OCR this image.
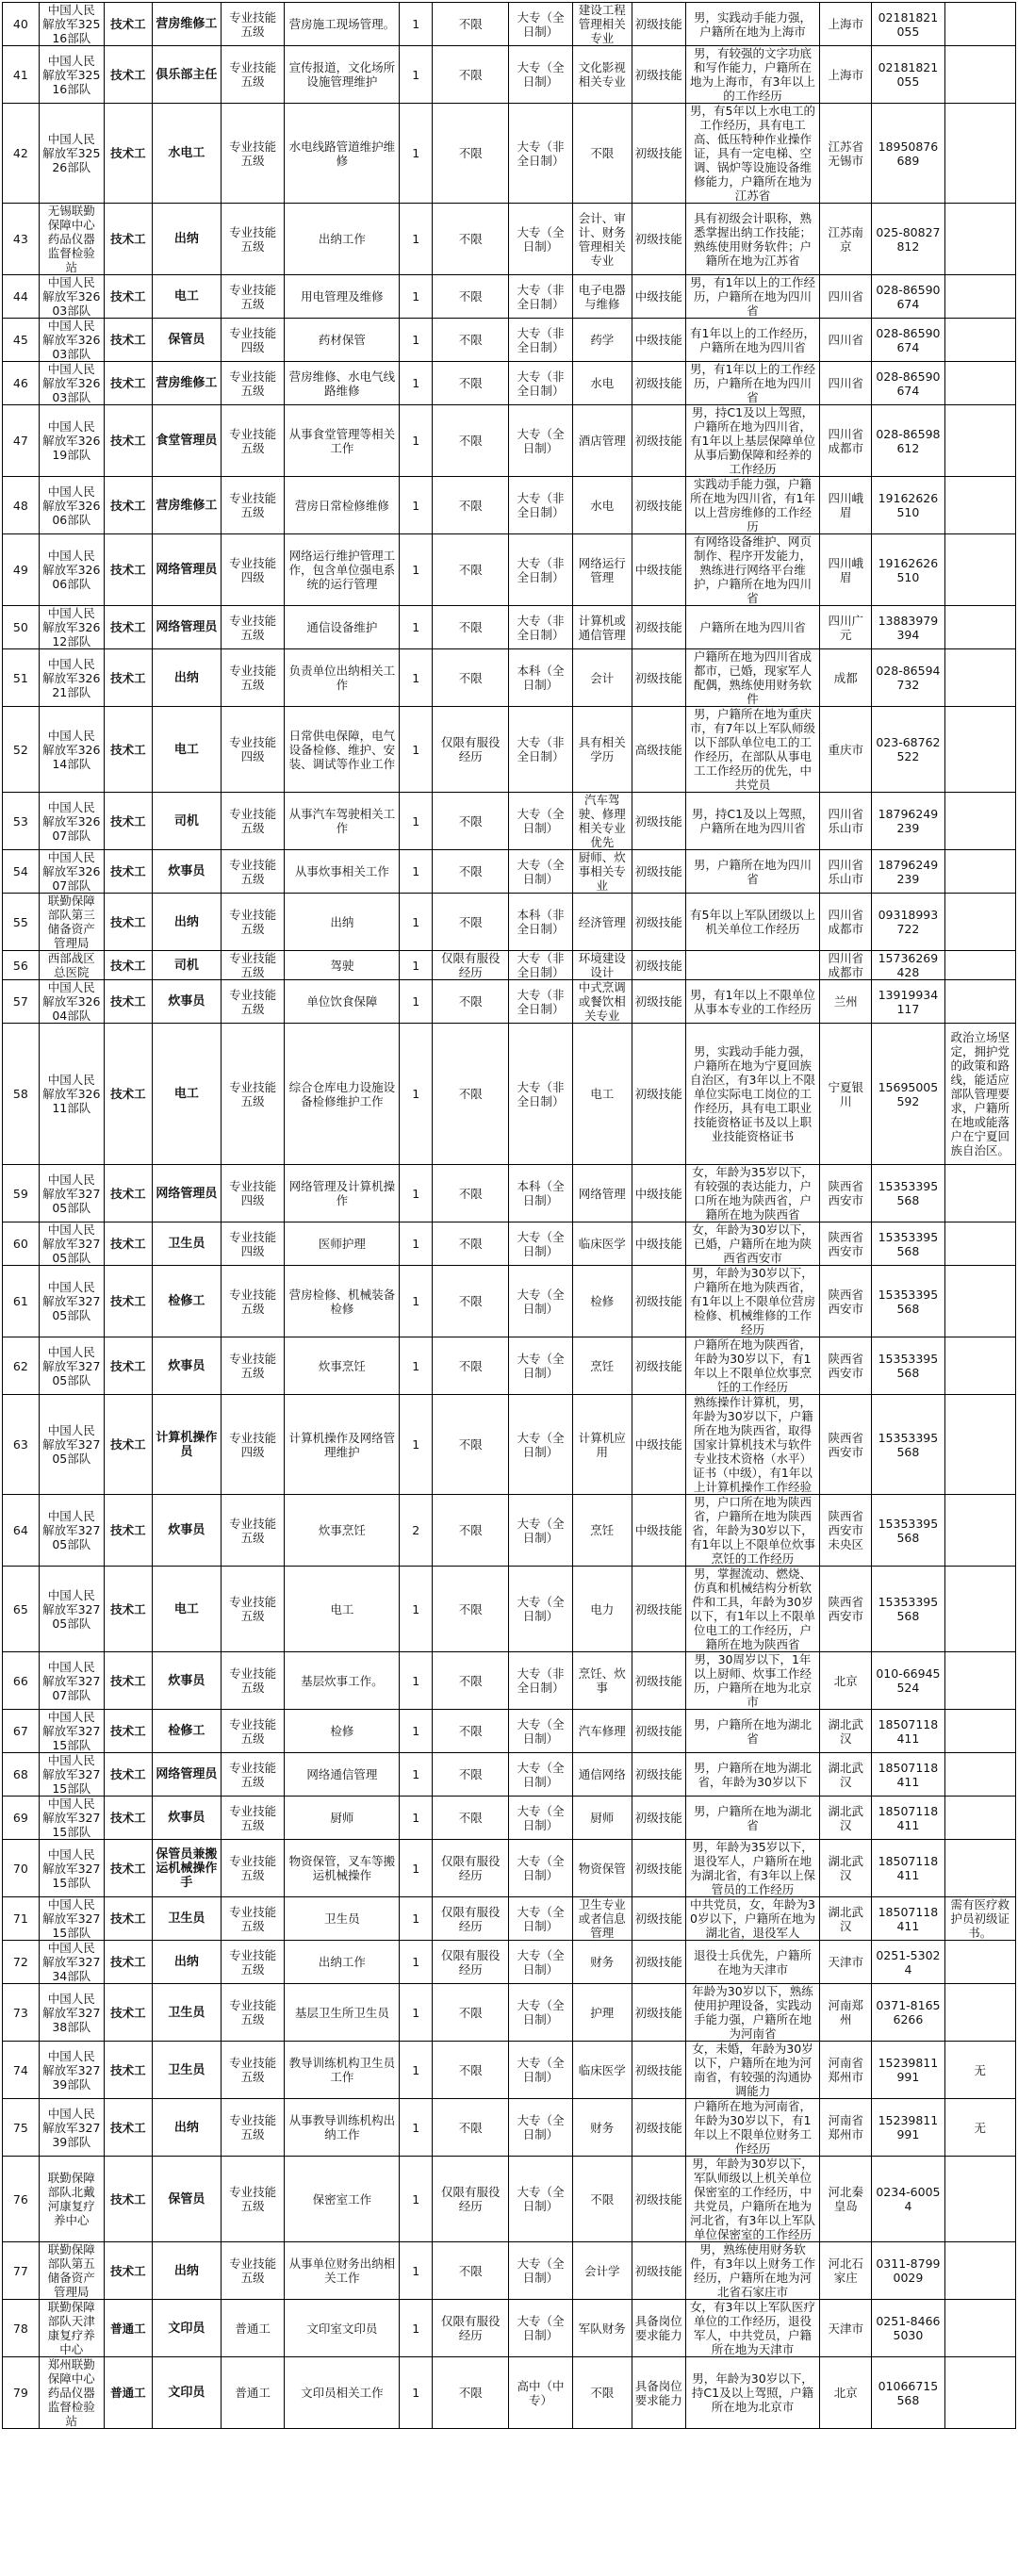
40	中国人民解放军32516部队	技术工	营房维修工	专业技能五级	营房施工现场管理。	1	不限	大专（全日制）	建设工程管理相关专业	初级技能	男，实践动手能力强，户籍所在地为上海市	上海市	02181821055	
41	中国人民解放军32516部队	技术工	俱乐部主任	专业技能五级	宣传报道，文化场所设施管理维护	1	不限	大专（全日制）	文化影视相关专业	初级技能	男，有较强的文字功底和写作能力，户籍所在地为上海市，有3年以上的工作经历	上海市	02181821055	
42	中国人民解放军32526部队	技术工	水电工	专业技能五级	水电线路管道维护维修	1	不限	大专（非全日制）	不限	初级技能	男，有5年以上水电工的工作经历，具有电工高、低压特种作业操作证，具有一定电梯、空调、锅炉等设施设备维修能力，户籍所在地为江苏省	江苏省无锡市	18950876689	
43	无锡联勤保障中心药品仪器监督检验站	技术工	出纳	专业技能五级	出纳工作	1	不限	大专（全日制）	会计、审计、财务管理相关专业	初级技能	具有初级会计职称，熟悉掌握出纳工作技能；熟练使用财务软件；户籍所在地为江苏省	江苏南京	025-80827812	
44	中国人民解放军32603部队	技术工	电工	专业技能五级	用电管理及维修	1	不限	大专（非全日制）	电子电器与维修	中级技能	男，有1年以上的工作经历，户籍所在地为四川省	四川省	028-86590674	
45	中国人民解放军32603部队	技术工	保管员	专业技能四级	药材保管	1	不限	大专（非全日制）	药学	中级技能	有1年以上的工作经历，户籍所在地为四川省	四川省	028-86590674	
46	中国人民解放军32603部队	技术工	营房维修工	专业技能五级	营房维修、水电气线路维修	1	不限	大专（非全日制）	水电	初级技能	男，有1年以上的工作经历，户籍所在地为四川省	四川省	028-86590674	
47	中国人民解放军32619部队	技术工	食堂管理员	专业技能五级	从事食堂管理等相关工作	1	不限	大专（全日制）	酒店管理	初级技能	男，持C1及以上驾照，户籍所在地为四川省，有1年以上基层保障单位从事后勤保障和经养的工作经历	四川省成都市	028-86598612	
48	中国人民解放军32606部队	技术工	营房维修工	专业技能五级	营房日常检修维修	1	不限	大专（非全日制）	水电	初级技能	实践动手能力强，户籍所在地为四川省，有1年以上营房维修的工作经历	四川峨眉	19162626510	
49	中国人民解放军32606部队	技术工	网络管理员	专业技能四级	网络运行维护管理工作，包含单位强电系统的运行管理	1	不限	大专（非全日制）	网络运行管理	中级技能	有网络设备维护、网页制作、程序开发能力，熟练进行网络平台维护，户籍所在地为四川省	四川峨眉	19162626510	
50	中国人民解放军32612部队	技术工	网络管理员	专业技能五级	通信设备维护	1	不限	大专（非全日制）	计算机或通信管理	初级技能	户籍所在地为四川省	四川广元	13883979394	
51	中国人民解放军32621部队	技术工	出纳	专业技能五级	负责单位出纳相关工作	1	不限	本科（全日制）	会计	初级技能	户籍所在地为四川省成都市，已婚，现家军人配偶，熟练使用财务软件	成都	028-86594732	
52	中国人民解放军32614部队	技术工	电工	专业技能四级	日常供电保障，电气设备检修、维护、安装、调试等作业工作	1	仅限有服役经历	大专（非全日制）	具有相关学历	高级技能	男，户籍所在地为重庆市，有7年以上军队师级以下部队单位电工的工作经历，在部队从事电工工作经历的优先，中共党员	重庆市	023-68762522	
53	中国人民解放军32607部队	技术工	司机	专业技能五级	从事汽车驾驶相关工作	1	不限	大专（全日制）	汽车驾驶、修理相关专业优先	初级技能	男，持C1及以上驾照，户籍所在地为四川省	四川省乐山市	18796249239	
54	中国人民解放军32607部队	技术工	炊事员	专业技能五级	从事炊事相关工作	1	不限	大专（全日制）	厨师、炊事相关专业	初级技能	男，户籍所在地为四川省	四川省乐山市	18796249239	
55	联勤保障部队第三储备资产管理局	技术工	出纳	专业技能五级	出纳	1	不限	本科（非全日制）	经济管理	初级技能	有5年以上军队团级以上机关单位工作经历	四川省成都市	09318993722	
56	西部战区总医院	技术工	司机	专业技能五级	驾驶	1	仅限有服役经历	大专（非全日制）	环境建设设计	初级技能		四川省成都市	15736269428	
57	中国人民解放军32604部队	技术工	炊事员	专业技能五级	单位饮食保障	1	不限	大专（非全日制）	中式烹调或餐饮相关专业	初级技能	男，有1年以上不限单位从事本专业的工作经历	兰州	13919934117	
58	中国人民解放军32611部队	技术工	电工	专业技能五级	综合仓库电力设施设备检修维护工作	1	不限	大专（非全日制）	电工	初级技能	男，实践动手能力强，户籍所在地为宁夏回族自治区，有3年以上不限单位实际电工岗位的工作经历，具有电工职业技能资格证书及以上职业技能资格证书	宁夏银川	15695005592	政治立场坚定，拥护党的政策和路线，能适应部队管理要求，户籍所在地或能落户在宁夏回族自治区。
59	中国人民解放军32705部队	技术工	网络管理员	专业技能四级	网络管理及计算机操作	1	不限	本科（全日制）	网络管理	中级技能	女，年龄为35岁以下，有较强的表达能力，户口所在地为陕西省，户籍所在地为陕西省	陕西省西安市	15353395568	
60	中国人民解放军32705部队	技术工	卫生员	专业技能四级	医师护理	1	不限	大专（全日制）	临床医学	中级技能	女，年龄为30岁以下，已婚，户籍所在地为陕西省西安市	陕西省西安市	15353395568	
61	中国人民解放军32705部队	技术工	检修工	专业技能五级	营房检修、机械装备检修	1	不限	大专（全日制）	检修	初级技能	男，年龄为30岁以下，户籍所在地为陕西省，有1年以上不限单位营房检修、机械维修的工作经历	陕西省西安市	15353395568	
62	中国人民解放军32705部队	技术工	炊事员	专业技能五级	炊事烹饪	1	不限	大专（全日制）	烹饪	初级技能	户籍所在地为陕西省，年龄为30岁以下，有1年以上不限单位炊事烹饪的工作经历	陕西省西安市	15353395568	
63	中国人民解放军32705部队	技术工	计算机操作员	专业技能四级	计算机操作及网络管理维护	1	不限	大专（全日制）	计算机应用	中级技能	熟练操作计算机，男，年龄为30岁以下，户籍所在地为陕西省，取得国家计算机技术与软件专业技术资格（水平）证书（中级），有1年以上计算机操作工作经验	陕西省西安市	15353395568	
64	中国人民解放军32705部队	技术工	炊事员	专业技能五级	炊事烹饪	2	不限	大专（全日制）	烹饪	中级技能	男，户口所在地为陕西省，户籍所在地为陕西省，年龄为30岁以下，有1年以上不限单位炊事烹饪的工作经历	陕西省西安市未央区	15353395568	
65	中国人民解放军32705部队	技术工	电工	专业技能五级	电工	1	不限	大专（全日制）	电力	初级技能	男，掌握流动、燃烧、仿真和机械结构分析软件和工具，年龄为30岁以下，有1年以上不限单位电工的工作经历，户籍所在地为陕西省	陕西省西安市	15353395568	
66	中国人民解放军32707部队	技术工	炊事员	专业技能五级	基层炊事工作。	1	不限	大专（非全日制）	烹饪、炊事	初级技能	男，30周岁以下，1年以上厨师、炊事工作经历，户籍所在地为北京市	北京	010-66945524	
67	中国人民解放军32715部队	技术工	检修工	专业技能五级	检修	1	不限	大专（全日制）	汽车修理	初级技能	男，户籍所在地为湖北省	湖北武汉	18507118411	
68	中国人民解放军32715部队	技术工	网络管理员	专业技能五级	网络通信管理	1	不限	大专（全日制）	通信网络	初级技能	男，户籍所在地为湖北省，年龄为30岁以下	湖北武汉	18507118411	
69	中国人民解放军32715部队	技术工	炊事员	专业技能五级	厨师	1	不限	大专（全日制）	厨师	初级技能	男，户籍所在地为湖北省	湖北武汉	18507118411	
70	中国人民解放军32715部队	技术工	保管员兼搬运机械操作手	专业技能五级	物资保管，叉车等搬运机械操作	1	仅限有服役经历	大专（全日制）	物资保管	初级技能	男，年龄为35岁以下，退役军人，户籍所在地为湖北省，有3年以上保管员的工作经历	湖北武汉	18507118411	
71	中国人民解放军32715部队	技术工	卫生员	专业技能五级	卫生员	1	仅限有服役经历	大专（全日制）	卫生专业或者信息管理	初级技能	中共党员，女，年龄为30岁以下，户籍所在地为湖北省，退役军人	湖北武汉	18507118411	需有医疗救护员初级证书。
72	中国人民解放军32734部队	技术工	出纳	专业技能五级	出纳工作	1	仅限有服役经历	大专（全日制）	财务	初级技能	退役士兵优先，户籍所在地为天津市	天津市	0251-53024	
73	中国人民解放军32738部队	技术工	卫生员	专业技能五级	基层卫生所卫生员	1	不限	大专（全日制）	护理	初级技能	年龄为30岁以下，熟练使用护理设备，实践动手能力强，户籍所在地为河南省	河南郑州	0371-81656266	
74	中国人民解放军32739部队	技术工	卫生员	专业技能五级	教导训练机构卫生员工作	1	不限	大专（全日制）	临床医学	初级技能	女，未婚，年龄为30岁以下，户籍所在地为河南省，有较强的沟通协调能力	河南省郑州市	15239811991	无
75	中国人民解放军32739部队	技术工	出纳	专业技能五级	从事教导训练机构出纳工作	1	不限	大专（全日制）	财务	初级技能	户籍所在地为河南省，年龄为30岁以下，有1年以上不限单位财务工作经历	河南省郑州市	15239811991	无
76	联勤保障部队北戴河康复疗养中心	技术工	保管员	专业技能五级	保密室工作	1	仅限有服役经历	大专（全日制）	不限	初级技能	男，年龄为30岁以下，军队师级以上机关单位保密室的工作经历，中共党员，户籍所在地为河北省，有3年以上军队单位保密室的工作经历	河北秦皇岛	0234-60054	
77	联勤保障部队第五储备资产管理局	技术工	出纳	专业技能五级	从事单位财务出纳相关工作	1	不限	大专（全日制）	会计学	初级技能	男，熟练使用财务软件，有3年以上财务工作经历，户籍所在地为河北省石家庄市	河北石家庄	0311-87990029	
78	联勤保障部队天津康复疗养中心	普通工	文印员	普通工	文印室文印员	1	仅限有服役经历	大专（全日制）	军队财务	具备岗位要求能力	女，有3年以上军队医疗单位的工作经历，退役军人，中共党员，户籍所在地为天津市	天津市	0251-84665030	
79	郑州联勤保障中心药品仪器监督检验站	普通工	文印员	普通工	文印员相关工作	1	不限	高中（中专）	不限	具备岗位要求能力	男，年龄为30岁以下，持C1及以上驾照，户籍所在地为北京市	北京	01066715568	
